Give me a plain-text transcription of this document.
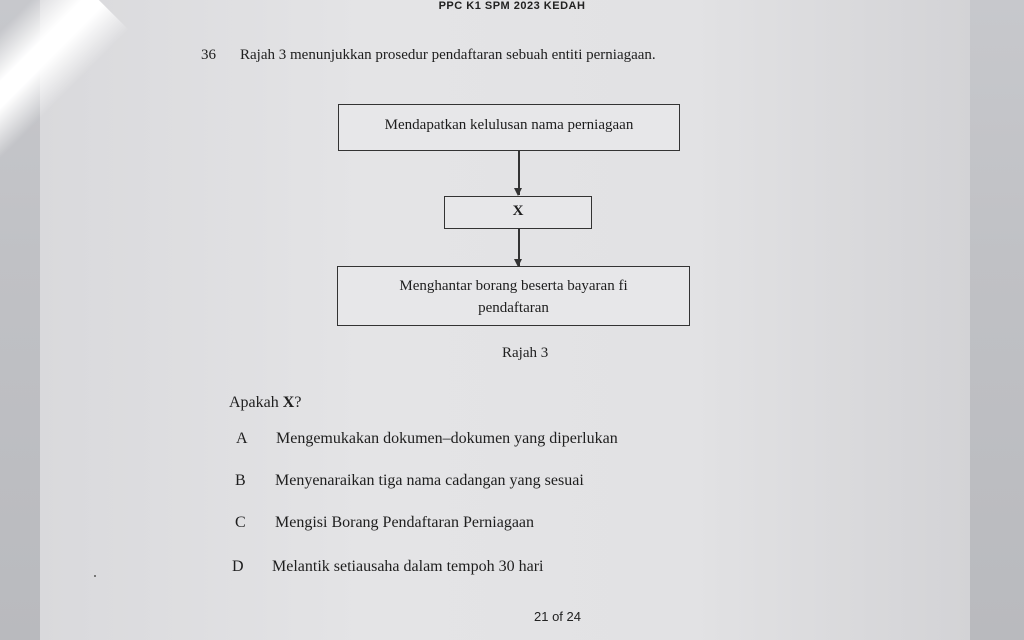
PPC K1 SPM 2023 KEDAH
36 Rajah 3 menunjukkan prosedur pendaftaran sebuah entiti perniagaan.
Mendapatkan kelulusan nama perniagaan
X
Menghantar borang beserta bayaran fi
pendaftaran
Rajah 3
Apakah X?
A Mengemukakan dokumen–dokumen yang diperlukan
B Menyenaraikan tiga nama cadangan yang sesuai
C Mengisi Borang Pendaftaran Perniagaan
D Melantik setiausaha dalam tempoh 30 hari
21 of 24
